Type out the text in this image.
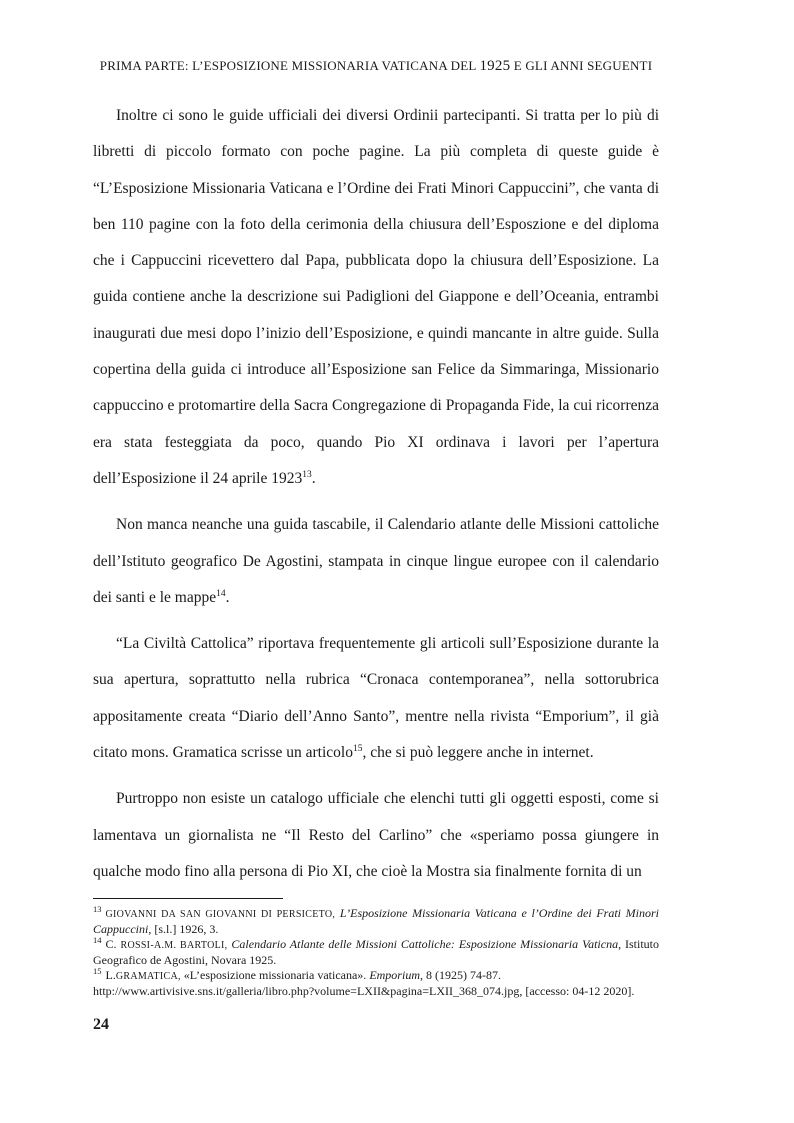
PRIMA PARTE: L’ESPOSIZIONE MISSIONARIA VATICANA DEL 1925 E GLI ANNI SEGUENTI

Inoltre ci sono le guide ufficiali dei diversi Ordinii partecipanti. Si tratta per lo più di libretti di piccolo formato con poche pagine. La più completa di queste guide è “L’Esposizione Missionaria Vaticana e l’Ordine dei Frati Minori Cappuccini”, che vanta di ben 110 pagine con la foto della cerimonia della chiusura dell’Esposzione e del diploma che i Cappuccini ricevettero dal Papa, pubblicata dopo la chiusura dell’Esposizione. La guida contiene anche la descrizione sui Padiglioni del Giappone e dell’Oceania, entrambi inaugurati due mesi dopo l’inizio dell’Esposizione, e quindi mancante in altre guide. Sulla copertina della guida ci introduce all’Esposizione san Felice da Simmaringa, Missionario cappuccino e protomartire della Sacra Congregazione di Propaganda Fide, la cui ricorrenza era stata festeggiata da poco, quando Pio XI ordinava i lavori per l’apertura dell’Esposizione il 24 aprile 1923$^{13}$.

Non manca neanche una guida tascabile, il Calendario atlante delle Missioni cattoliche dell’Istituto geografico De Agostini, stampata in cinque lingue europee con il calendario dei santi e le mappe$^{14}$.

“La Civiltà Cattolica” riportava frequentemente gli articoli sull’Esposizione durante la sua apertura, soprattutto nella rubrica “Cronaca contemporanea”, nella sottorubrica appositamente creata “Diario dell’Anno Santo”, mentre nella rivista “Emporium”, il già citato mons. Gramatica scrisse un articolo$^{15}$, che si può leggere anche in internet.

Purtroppo non esiste un catalogo ufficiale che elenchi tutti gli oggetti esposti, come si lamentava un giornalista ne “Il Resto del Carlino” che «speriamo possa giungere in qualche modo fino alla persona di Pio XI, che cioè la Mostra sia finalmente fornita di un

$^{13}$ GIOVANNI DA SAN GIOVANNI DI PERSICETO, L’Esposizione Missionaria Vaticana e l’Ordine dei Frati Minori Cappuccini, [s.l.] 1926, 3.

$^{14}$ C. ROSSI-A.M. BARTOLI, Calendario Atlante delle Missioni Cattoliche: Esposizione Missionaria Vaticna, Istituto Geografico de Agostini, Novara 1925.

$^{15}$ L.GRAMATICA, «L’esposizione missionaria vaticana». Emporium, 8 (1925) 74-87.
http://www.artivisive.sns.it/galleria/libro.php?volume=LXII&pagina=LXII_368_074.jpg, [accesso: 04-12 2020].

24
